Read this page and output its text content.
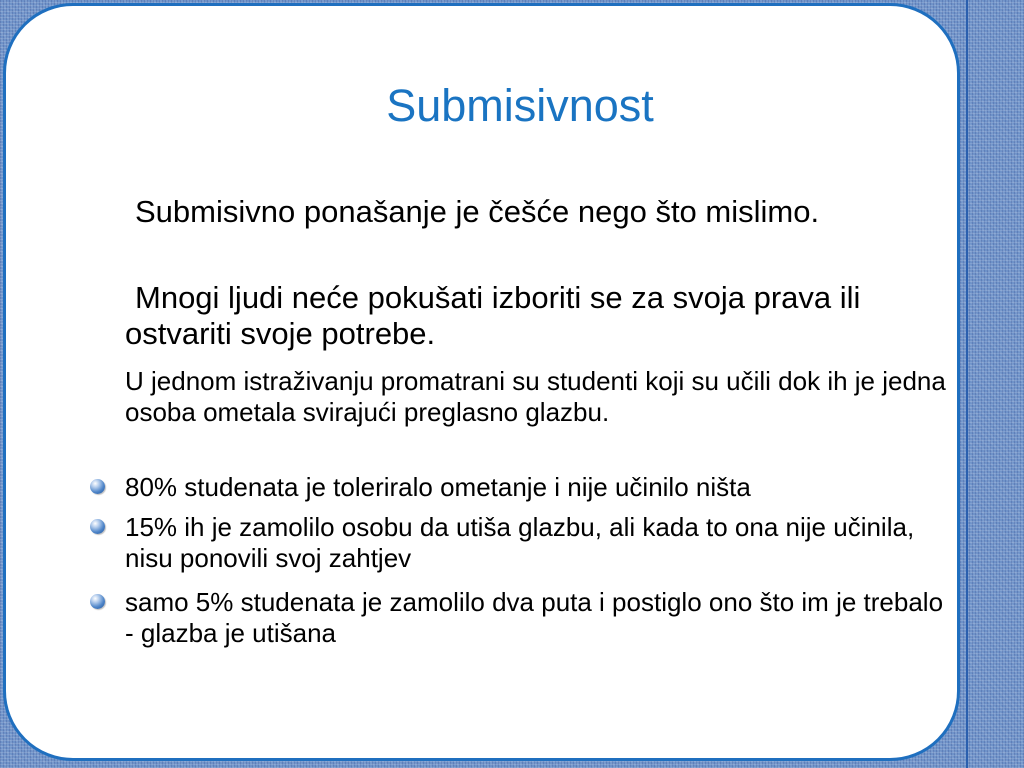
Submisivnost
Submisivno ponašanje je češće nego što mislimo.
Mnogi ljudi neće pokušati izboriti se za svoja prava ili ostvariti svoje potrebe.
U jednom istraživanju promatrani su studenti koji su učili dok ih je jedna osoba ometala svirajući preglasno glazbu.
80% studenata je toleriralo ometanje i nije učinilo ništa
15% ih je zamolilo osobu da utiša glazbu, ali kada to ona nije učinila, nisu ponovili svoj zahtjev
samo 5% studenata je zamolilo dva puta i postiglo ono što im je trebalo - glazba je utišana
